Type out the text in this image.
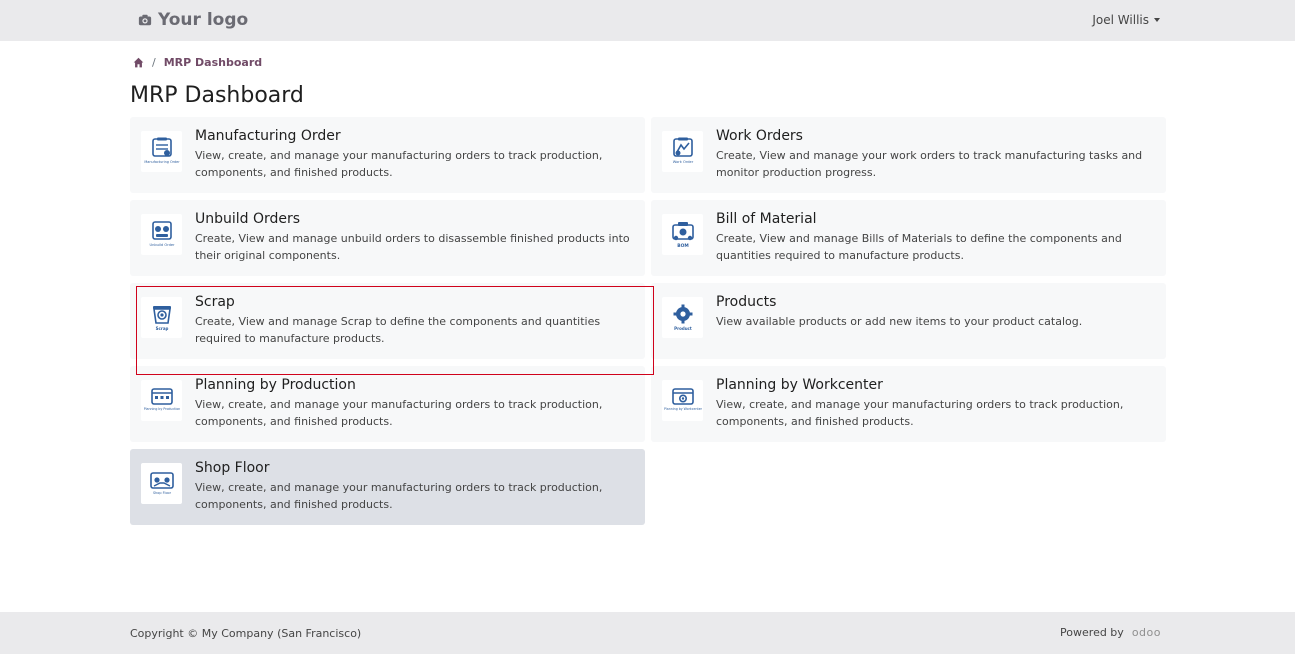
Your logo	Joel Willis
/ MRP Dashboard
MRP Dashboard
Manufacturing Order
Manufacturing Order
View, create, and manage your manufacturing orders to track production, components, and finished products.
Work Order
Work Orders
Create, View and manage your work orders to track manufacturing tasks and monitor production progress.
Unbuild Order
Unbuild Orders
Create, View and manage unbuild orders to disassemble finished products into their original components.
BOM
Bill of Material
Create, View and manage Bills of Materials to define the components and quantities required to manufacture products.
Scrap
Scrap
Create, View and manage Scrap to define the components and quantities required to manufacture products.
Product
Products
View available products or add new items to your product catalog.
Planning by Production
Planning by Production
View, create, and manage your manufacturing orders to track production, components, and finished products.
Planning by Workcenter
Planning by Workcenter
View, create, and manage your manufacturing orders to track production, components, and finished products.
Shop Floor
Shop Floor
View, create, and manage your manufacturing orders to track production, components, and finished products.
Copyright © My Company (San Francisco)	Powered by odoo
